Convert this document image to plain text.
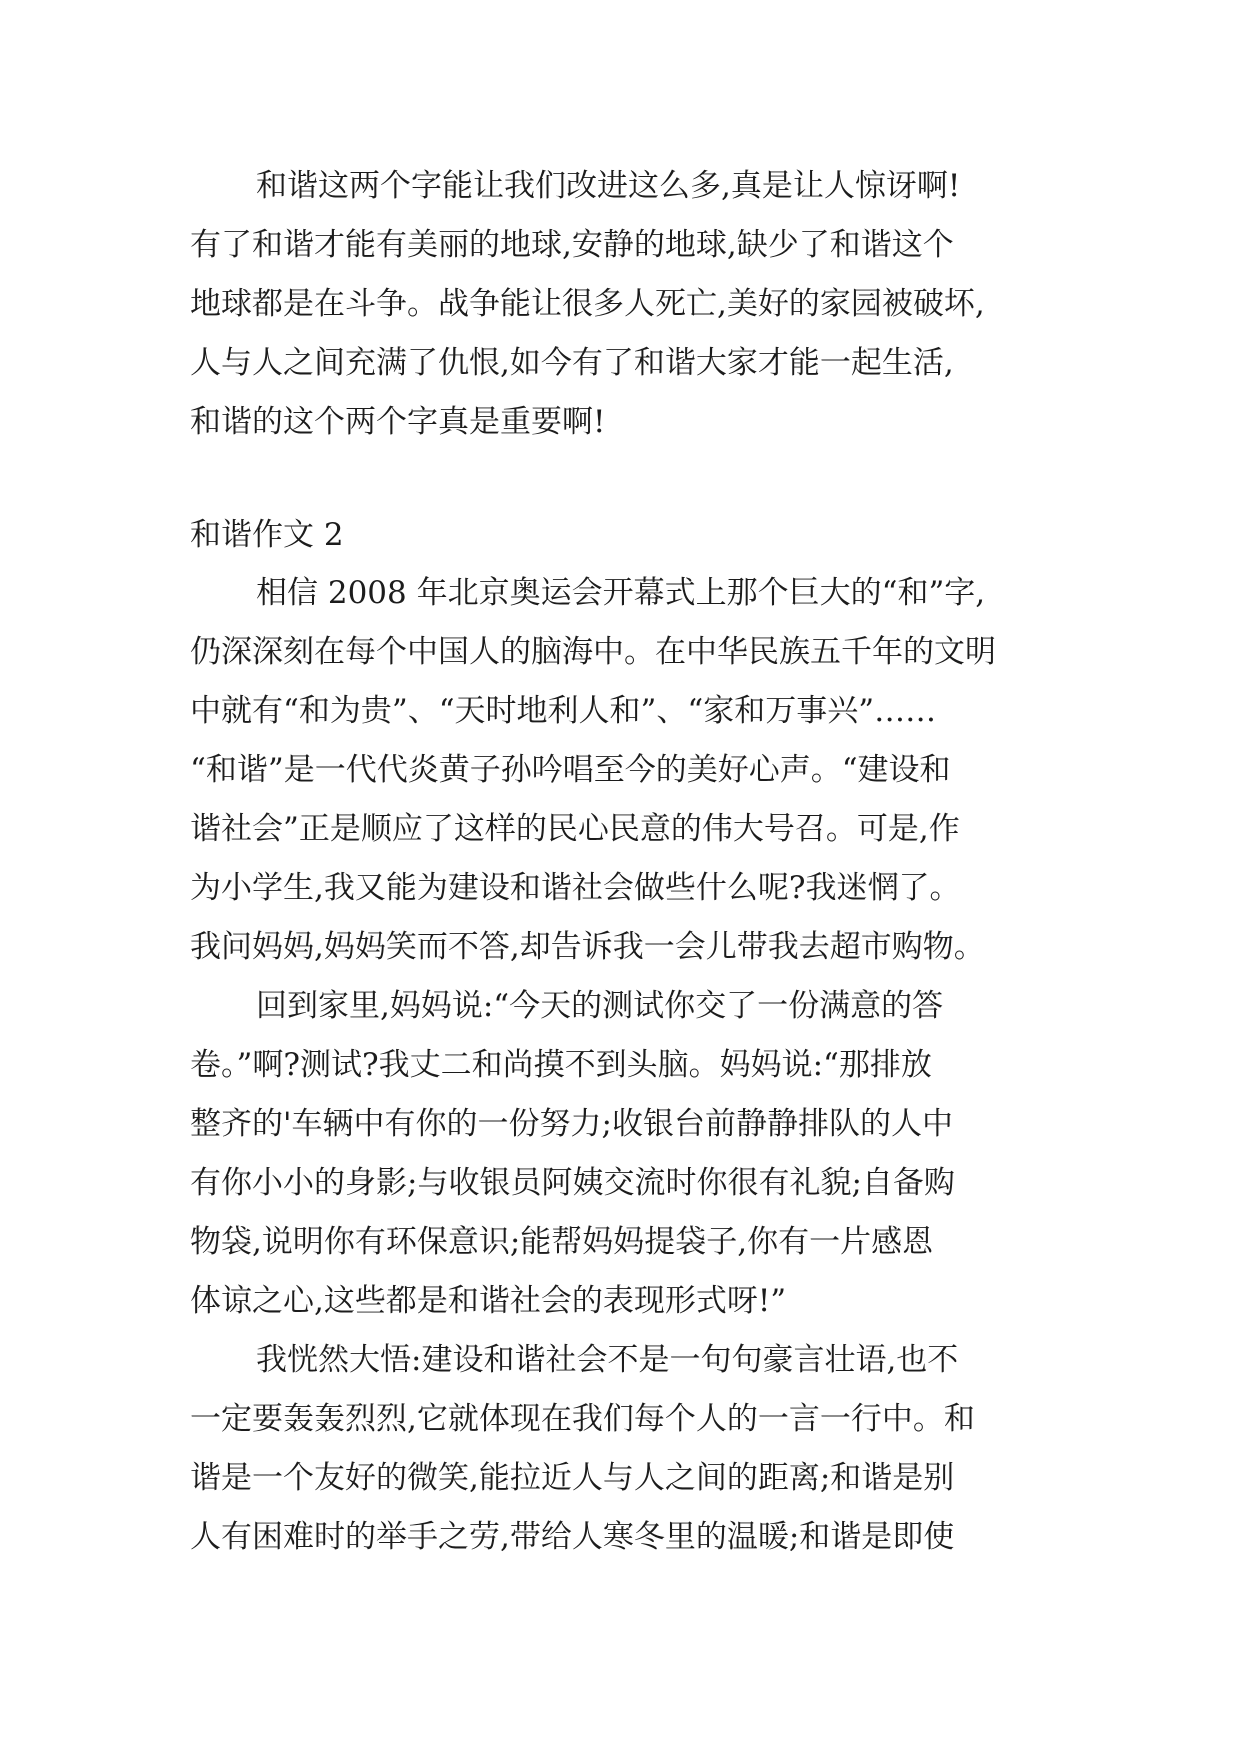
和谐这两个字能让我们改进这么多,真是让人惊讶啊!
有了和谐才能有美丽的地球,安静的地球,缺少了和谐这个
地球都是在斗争。战争能让很多人死亡,美好的家园被破坏,
人与人之间充满了仇恨,如今有了和谐大家才能一起生活,
和谐的这个两个字真是重要啊!
和谐作文 2
相信 2008 年北京奥运会开幕式上那个巨大的“和”字,
仍深深刻在每个中国人的脑海中。在中华民族五千年的文明
中就有“和为贵”、“天时地利人和”、“家和万事兴”……
“和谐”是一代代炎黄子孙吟唱至今的美好心声。“建设和
谐社会”正是顺应了这样的民心民意的伟大号召。可是,作
为小学生,我又能为建设和谐社会做些什么呢?我迷惘了。
我问妈妈,妈妈笑而不答,却告诉我一会儿带我去超市购物。
回到家里,妈妈说:“今天的测试你交了一份满意的答
卷。”啊?测试?我丈二和尚摸不到头脑。妈妈说:“那排放
整齐的'车辆中有你的一份努力;收银台前静静排队的人中
有你小小的身影;与收银员阿姨交流时你很有礼貌;自备购
物袋,说明你有环保意识;能帮妈妈提袋子,你有一片感恩
体谅之心,这些都是和谐社会的表现形式呀!”
我恍然大悟:建设和谐社会不是一句句豪言壮语,也不
一定要轰轰烈烈,它就体现在我们每个人的一言一行中。和
谐是一个友好的微笑,能拉近人与人之间的距离;和谐是别
人有困难时的举手之劳,带给人寒冬里的温暖;和谐是即使
